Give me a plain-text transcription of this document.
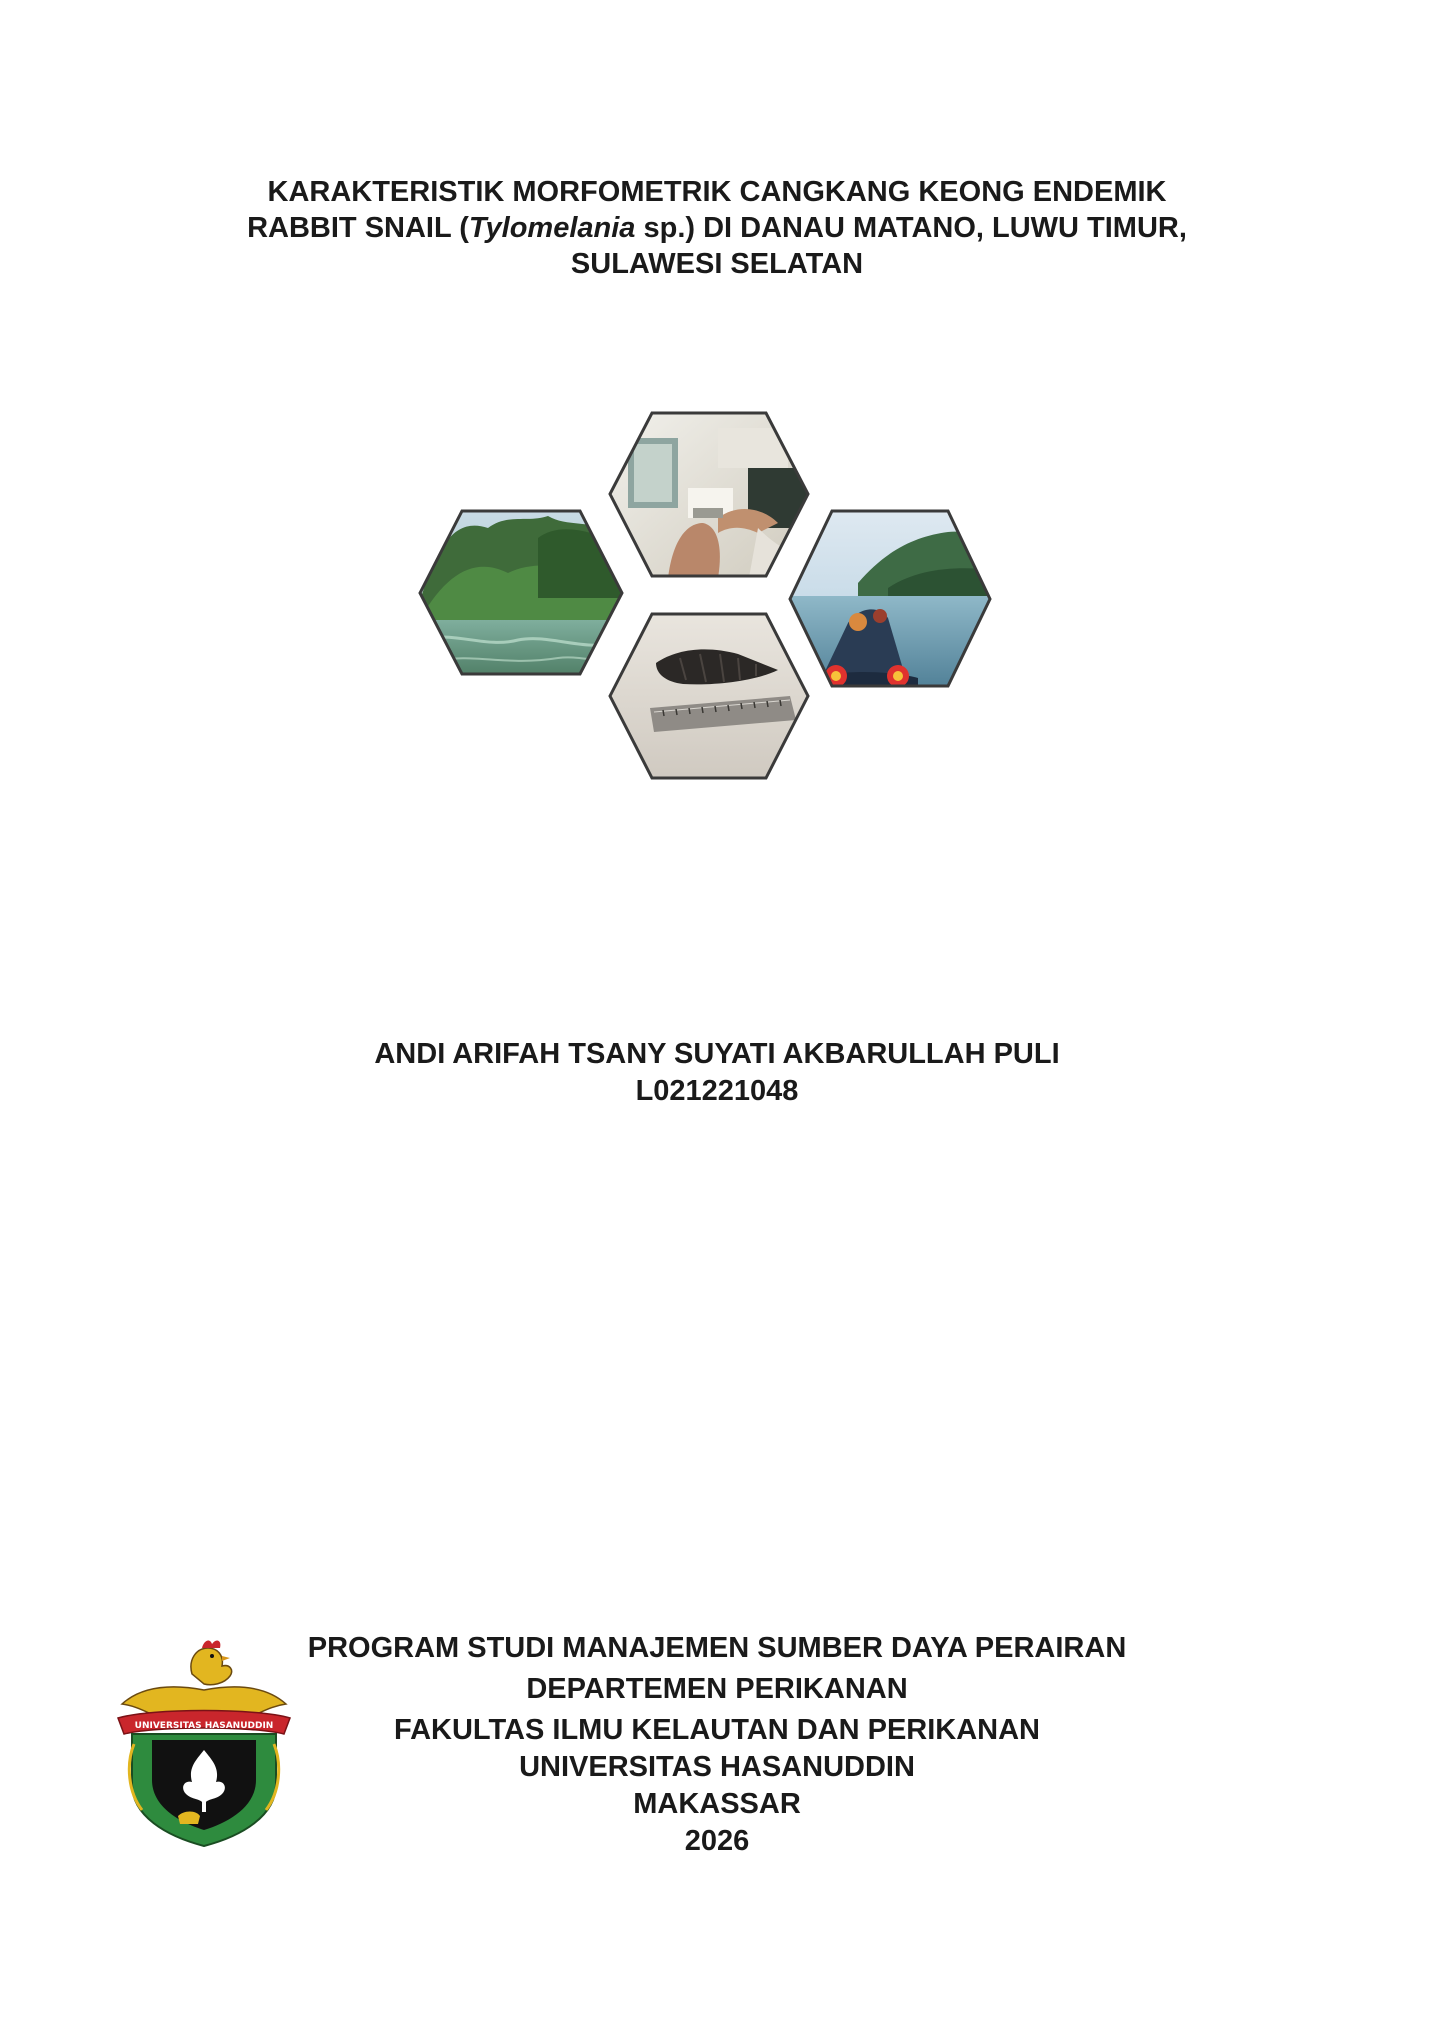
KARAKTERISTIK MORFOMETRIK CANGKANG KEONG ENDEMIK
RABBIT SNAIL (Tylomelania sp.) DI DANAU MATANO, LUWU TIMUR,
SULAWESI SELATAN
ANDI ARIFAH TSANY SUYATI AKBARULLAH PULI
L021221048
UNIVERSITAS HASANUDDIN
PROGRAM STUDI MANAJEMEN SUMBER DAYA PERAIRAN
DEPARTEMEN PERIKANAN
FAKULTAS ILMU KELAUTAN DAN PERIKANAN
UNIVERSITAS HASANUDDIN
MAKASSAR
2026
